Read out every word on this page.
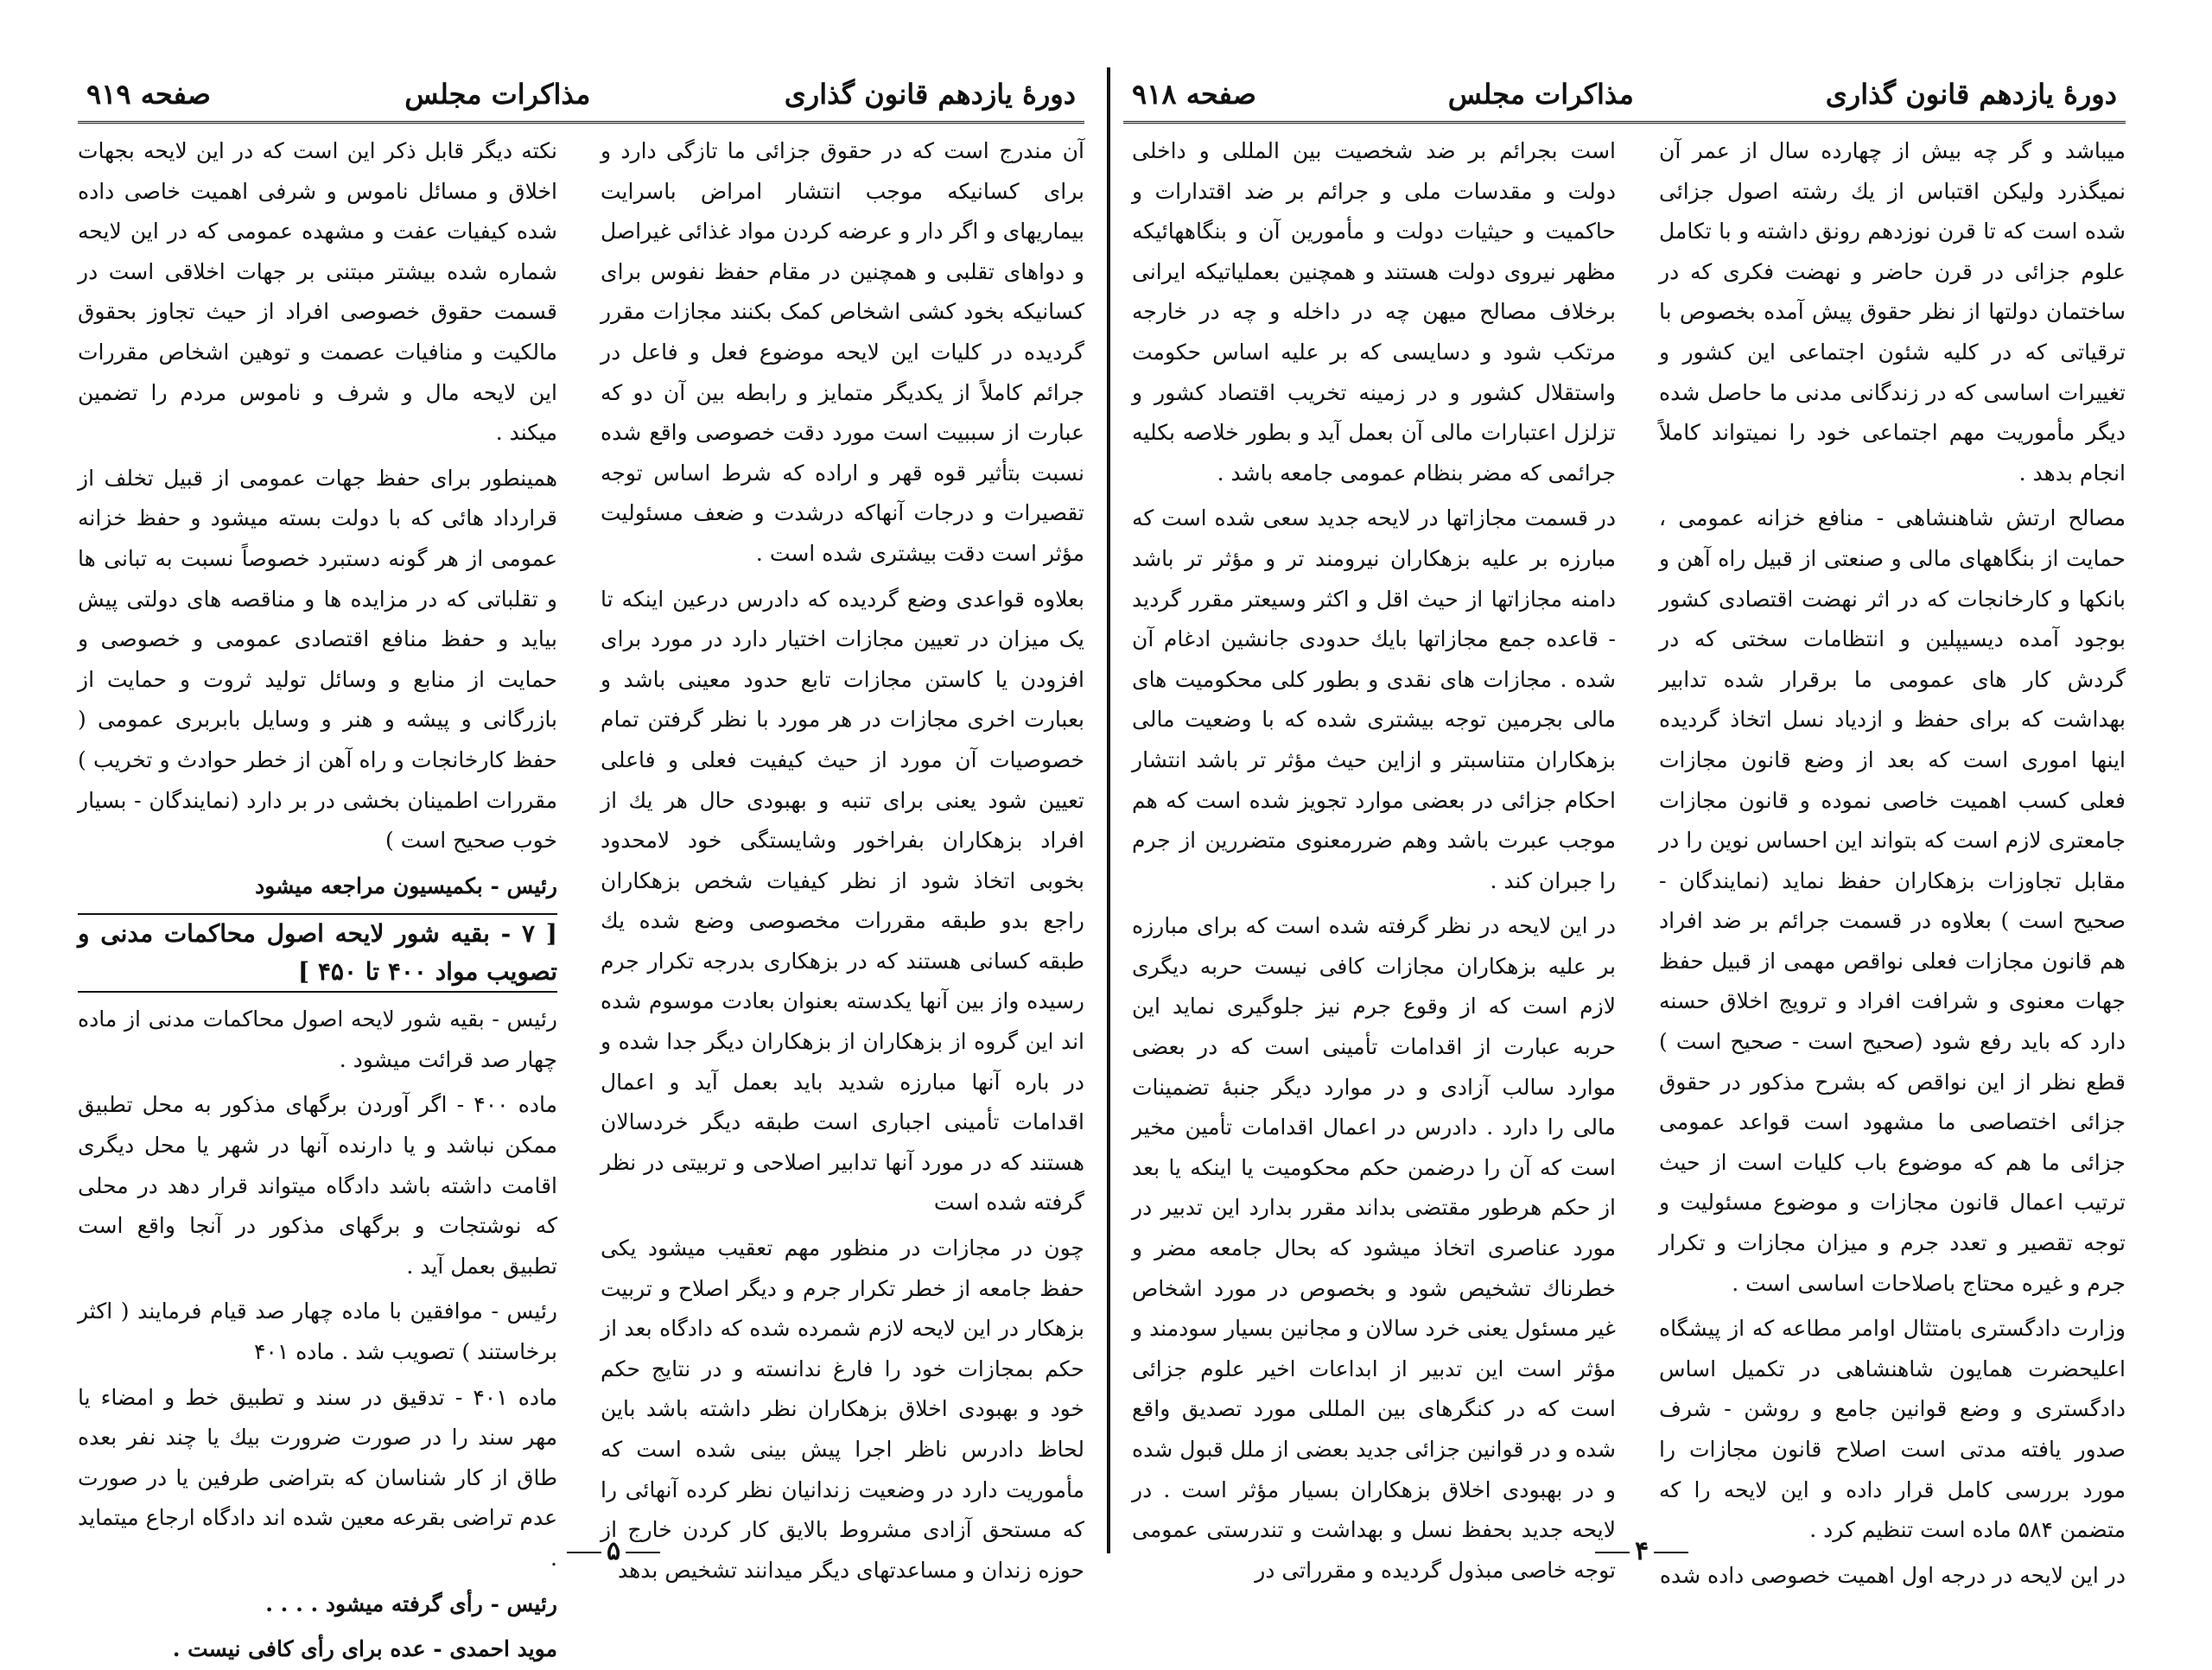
دورهٔ یازدهم قانون گذاری
مذاکرات مجلس
صفحه ۹۱۹

آن مندرج است که در حقوق جزائی ما تازگی دارد و برای کسانیکه موجب انتشار امراض باسرایت بیماریهای و اگر دار و عرضه کردن مواد غذائی غیراصل و دواهای تقلبی و همچنین در مقام حفظ نفوس برای کسانیکه بخود کشی اشخاص کمک بکنند مجازات مقرر گردیده در کلیات این لایحه موضوع فعل و فاعل در جرائم کاملاً از یکدیگر متمایز و رابطه بین آن دو که عبارت از سببیت است مورد دقت خصوصی واقع شده نسبت بتأثیر قوه قهر و اراده که شرط اساس توجه تقصیرات و درجات آنهاکه درشدت و ضعف مسئولیت مؤثر است دقت بیشتری شده است .

بعلاوه قواعدی وضع گردیده که دادرس درعین اینکه تا یک میزان در تعیین مجازات اختیار دارد در مورد برای افزودن یا کاستن مجازات تابع حدود معینی باشد و بعبارت اخری مجازات در هر مورد با نظر گرفتن تمام خصوصیات آن مورد از حیث کیفیت فعلی و فاعلی تعیین شود یعنی برای تنبه و بهبودی حال هر یك از افراد بزهکاران بفراخور وشایستگی خود لامحدود بخوبی اتخاذ شود از نظر کیفیات شخص بزهکاران راجع بدو طبقه مقررات مخصوصی وضع شده یك طبقه کسانی هستند که در بزهکاری بدرجه تکرار جرم رسیده واز بین آنها یکدسته بعنوان بعادت موسوم شده اند این گروه از بزهکاران از بزهکاران دیگر جدا شده و در باره آنها مبارزه شدید باید بعمل آید و اعمال اقدامات تأمینی اجباری است طبقه دیگر خردسالان هستند که در مورد آنها تدابیر اصلاحی و تربیتی در نظر گرفته شده است

چون در مجازات در منظور مهم تعقیب میشود یکی حفظ جامعه از خطر تکرار جرم و دیگر اصلاح و تربیت بزهکار در این لایحه لازم شمرده شده که دادگاه بعد از حکم بمجازات خود را فارغ ندانسته و در نتایج حکم خود و بهبودی اخلاق بزهکاران نظر داشته باشد باین لحاظ دادرس ناظر اجرا پیش بینی شده است که مأموریت دارد در وضعیت زندانیان نظر کرده آنهائی را که مستحق آزادی مشروط بالایق کار کردن خارج از حوزه زندان و مساعدتهای دیگر میدانند تشخیص بدهد

نکته دیگر قابل ذکر این است که در این لایحه بجهات اخلاق و مسائل ناموس و شرفی اهمیت خاصی داده شده کیفیات عفت و مشهده عمومی که در این لایحه شماره شده بیشتر مبتنی بر جهات اخلاقی است در قسمت حقوق خصوصی افراد از حیث تجاوز بحقوق مالکیت و منافیات عصمت و توهین اشخاص مقررات این لایحه مال و شرف و ناموس مردم را تضمین میکند .

همینطور برای حفظ جهات عمومی از قبیل تخلف از قرارداد هائی که با دولت بسته میشود و حفظ خزانه عمومی از هر گونه دستبرد خصوصاً نسبت به تبانی ها و تقلباتی که در مزایده ها و مناقصه های دولتی پیش بیاید و حفظ منافع اقتصادی عمومی و خصوصی و حمایت از منابع و وسائل تولید ثروت و حمایت از بازرگانی و پیشه و هنر و وسایل بابربری عمومی ( حفظ کارخانجات و راه آهن از خطر حوادث و تخریب ) مقررات اطمینان بخشی در بر دارد (نمایندگان - بسیار خوب صحیح است )

رئیس - بکمیسیون مراجعه میشود

[ ۷ - بقیه شور لایحه اصول محاکمات مدنی و تصویب مواد ۴۰۰ تا ۴۵۰ ]

رئیس - بقیه شور لایحه اصول محاکمات مدنی از ماده چهار صد قرائت میشود .

ماده ۴۰۰ - اگر آوردن برگهای مذکور به محل تطبیق ممکن نباشد و یا دارنده آنها در شهر یا محل دیگری اقامت داشته باشد دادگاه میتواند قرار دهد در محلی که نوشتجات و برگهای مذکور در آنجا واقع است تطبیق بعمل آید .

رئیس - موافقین با ماده چهار صد قیام فرمایند ( اکثر برخاستند ) تصویب شد . ماده ۴۰۱

ماده ۴۰۱ - تدقیق در سند و تطبیق خط و امضاء یا مهر سند را در صورت ضرورت بیك یا چند نفر بعده طاق از کار شناسان که بتراضی طرفین یا در صورت عدم تراضی بقرعه معین شده اند دادگاه ارجاع میتماید .

رئیس - رأی گرفته میشود . . . .

موید احمدی - عده برای رأی کافی نیست .

۵
دورهٔ یازدهم قانون گذاری
مذاکرات مجلس
صفحه ۹۱۸

میباشد و گر چه بیش از چهارده سال از عمر آن نمیگذرد ولیکن اقتباس از یك رشته اصول جزائی شده است که تا قرن نوزدهم رونق داشته و با تکامل علوم جزائی در قرن حاضر و نهضت فکری که در ساختمان دولتها از نظر حقوق پیش آمده بخصوص با ترقیاتی که در کلیه شئون اجتماعی این کشور و تغییرات اساسی که در زندگانی مدنی ما حاصل شده دیگر مأموریت مهم اجتماعی خود را نمیتواند کاملاً انجام بدهد .

مصالح ارتش شاهنشاهی - منافع خزانه عمومی ، حمایت از بنگاههای مالی و صنعتی از قبیل راه آهن و بانکها و کارخانجات که در اثر نهضت اقتصادی کشور بوجود آمده دیسیپلین و انتظامات سختی که در گردش کار های عمومی ما برقرار شده تدابیر بهداشت که برای حفظ و ازدیاد نسل اتخاذ گردیده اینها اموری است که بعد از وضع قانون مجازات فعلی کسب اهمیت خاصی نموده و قانون مجازات جامعتری لازم است که بتواند این احساس نوین را در مقابل تجاوزات بزهکاران حفظ نماید (نمایندگان - صحیح است ) بعلاوه در قسمت جرائم بر ضد افراد هم قانون مجازات فعلی نواقص مهمی از قبیل حفظ جهات معنوی و شرافت افراد و ترویج اخلاق حسنه دارد که باید رفع شود (صحیح است - صحیح است ) قطع نظر از این نواقص که بشرح مذکور در حقوق جزائی اختصاصی ما مشهود است قواعد عمومی جزائی ما هم که موضوع باب کلیات است از حیث ترتیب اعمال قانون مجازات و موضوع مسئولیت و توجه تقصیر و تعدد جرم و میزان مجازات و تکرار جرم و غیره محتاج باصلاحات اساسی است .

وزارت دادگستری بامتثال اوامر مطاعه که از پیشگاه اعلیحضرت همایون شاهنشاهی در تکمیل اساس دادگستری و وضع قوانین جامع و روشن - شرف صدور یافته مدتی است اصلاح قانون مجازات را مورد بررسی کامل قرار داده و این لایحه را که متضمن ۵۸۴ ماده است تنظیم کرد .

در این لایحه در درجه اول اهمیت خصوصی داده شده

است بجرائم بر ضد شخصیت بین المللی و داخلی دولت و مقدسات ملی و جرائم بر ضد اقتدارات و حاکمیت و حیثیات دولت و مأمورین آن و بنگاههائیکه مظهر نیروی دولت هستند و همچنین بعملیاتیکه ایرانی برخلاف مصالح میهن چه در داخله و چه در خارجه مرتکب شود و دسایسی که بر علیه اساس حکومت واستقلال کشور و در زمینه تخریب اقتصاد کشور و تزلزل اعتبارات مالی آن بعمل آید و بطور خلاصه بکلیه جرائمی که مضر بنظام عمومی جامعه باشد .

در قسمت مجازاتها در لایحه جدید سعی شده است که مبارزه بر علیه بزهکاران نیرومند تر و مؤثر تر باشد دامنه مجازاتها از حیث اقل و اکثر وسیعتر مقرر گردید - قاعده جمع مجازاتها بایك حدودی جانشین ادغام آن شده . مجازات های نقدی و بطور کلی محکومیت های مالی بجرمین توجه بیشتری شده که با وضعیت مالی بزهکاران متناسبتر و ازاین حیث مؤثر تر باشد انتشار احکام جزائی در بعضی موارد تجویز شده است که هم موجب عبرت باشد وهم ضررمعنوی متضررین از جرم را جبران کند .

در این لایحه در نظر گرفته شده است که برای مبارزه بر علیه بزهکاران مجازات کافی نیست حربه دیگری لازم است که از وقوع جرم نیز جلوگیری نماید این حربه عبارت از اقدامات تأمینی است که در بعضی موارد سالب آزادی و در موارد دیگر جنبهٔ تضمینات مالی را دارد . دادرس در اعمال اقدامات تأمین مخیر است که آن را درضمن حکم محکومیت یا اینکه یا بعد از حکم هرطور مقتضی بداند مقرر بدارد این تدبیر در مورد عناصری اتخاذ میشود که بحال جامعه مضر و خطرناك تشخیص شود و بخصوص در مورد اشخاص غیر مسئول یعنی خرد سالان و مجانین بسیار سودمند و مؤثر است این تدبیر از ابداعات اخیر علوم جزائی است که در کنگرهای بین المللی مورد تصدیق واقع شده و در قوانین جزائی جدید بعضی از ملل قبول شده و در بهبودی اخلاق بزهکاران بسیار مؤثر است . در لایحه جدید بحفظ نسل و بهداشت و تندرستی عمومی توجه خاصی مبذول گردیده و مقرراتی در

۴
